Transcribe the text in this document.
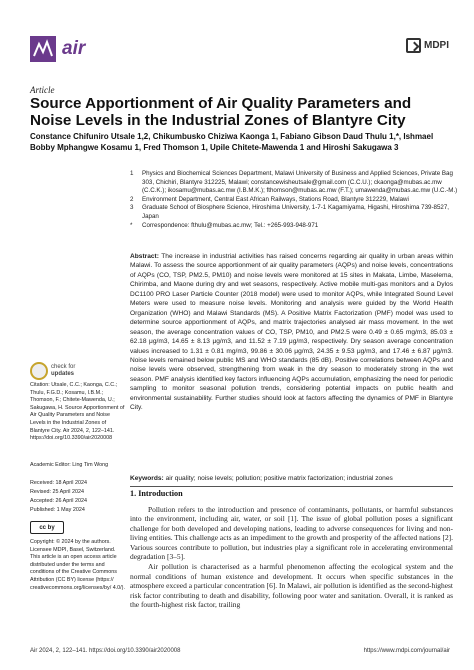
air	MDPI
Article
Source Apportionment of Air Quality Parameters and Noise Levels in the Industrial Zones of Blantyre City
Constance Chifuniro Utsale 1,2, Chikumbusko Chiziwa Kaonga 1, Fabiano Gibson Daud Thulu 1,*, Ishmael Bobby Mphangwe Kosamu 1, Fred Thomson 1, Upile Chitete-Mawenda 1 and Hiroshi Sakugawa 3
1	Physics and Biochemical Sciences Department, Malawi University of Business and Applied Sciences, Private Bag 303, Chichiri, Blantyre 312225, Malawi; constancewisheutsale@gmail.com (C.C.U.); ckaonga@mubas.ac.mw (C.C.K.); ikosamu@mubas.ac.mw (I.B.M.K.); fthomson@mubas.ac.mw (F.T.); umawenda@mubas.ac.mw (U.C.-M.)
2	Environment Department, Central East African Railways, Stations Road, Blantyre 312229, Malawi
3	Graduate School of Biosphere Science, Hiroshima University, 1-7-1 Kagamiyama, Higashi, Hiroshima 739-8527, Japan
*	Correspondence: fthulu@mubas.ac.mw; Tel.: +265-993-948-971
Abstract: The increase in industrial activities has raised concerns regarding air quality in urban areas within Malawi. To assess the source apportionment of air quality parameters (AQPs) and noise levels, concentrations of AQPs (CO, TSP, PM2.5, PM10) and noise levels were monitored at 15 sites in Makata, Limbe, Maselema, Chirimba, and Maone during dry and wet seasons, respectively. Active mobile multi-gas monitors and a Dylos DC1100 PRO Laser Particle Counter (2018 model) were used to monitor AQPs, while Integrated Sound Level Meters were used to measure noise levels. Monitoring and analysis were guided by the World Health Organization (WHO) and Malawi Standards (MS). A Positive Matrix Factorization (PMF) model was used to determine source apportionment of AQPs, and matrix trajectories analysed air mass movement. In the wet season, the average concentration values of CO, TSP, PM10, and PM2.5 were 0.49 ± 0.65 mg/m3, 85.03 ± 62.18 μg/m3, 14.65 ± 8.13 μg/m3, and 11.52 ± 7.19 μg/m3, respectively. Dry season average concentration values increased to 1.31 ± 0.81 mg/m3, 99.86 ± 30.06 μg/m3, 24.35 ± 9.53 μg/m3, and 17.46 ± 6.87 μg/m3. Noise levels remained below public MS and WHO standards (85 dB). Positive correlations between AQPs and noise levels were observed, strengthening from weak in the dry season to moderately strong in the wet season. PMF analysis identified key factors influencing AQPs accumulation, emphasizing the need for periodic sampling to monitor seasonal pollution trends, considering potential impacts on public health and environmental sustainability. Further studies should look at factors affecting the dynamics of PMF in Blantyre City.
Keywords: air quality; noise levels; pollution; positive matrix factorization; industrial zones
check for
updates
Citation: Utsale, C.C.; Kaonga, C.C.; Thulu, F.G.D.; Kosamu, I.B.M.; Thomson, F.; Chitete-Mawenda, U.; Sakugawa, H. Source Apportionment of Air Quality Parameters and Noise Levels in the Industrial Zones of Blantyre City. Air 2024, 2, 122–141. https://doi.org/10.3390/air2020008
Academic Editor: Ling Tim Wong
Received: 18 April 2024
Revised: 25 April 2024
Accepted: 26 April 2024
Published: 1 May 2024
cc by
Copyright: © 2024 by the authors. Licensee MDPI, Basel, Switzerland. This article is an open access article distributed under the terms and conditions of the Creative Commons Attribution (CC BY) license (https:// creativecommons.org/licenses/by/ 4.0/).
1. Introduction

Pollution refers to the introduction and presence of contaminants, pollutants, or harmful substances into the environment, including air, water, or soil [1]. The issue of global pollution poses a significant challenge for both developed and developing nations, leading to adverse consequences for living and non-living entities. This challenge acts as an impediment to the growth and prosperity of the affected nations [2]. Various sources contribute to pollution, but industries play a significant role in accelerating environmental degradation [3–5].

Air pollution is characterised as a harmful phenomenon affecting the ecological system and the normal conditions of human existence and development. It occurs when specific substances in the atmosphere exceed a particular concentration [6]. In Malawi, air pollution is identified as the second-highest risk factor contributing to death and disability, following poor water and sanitation. Overall, it is ranked as the fourth-highest risk factor, trailing

Air 2024, 2, 122–141. https://doi.org/10.3390/air2020008	https://www.mdpi.com/journal/air
